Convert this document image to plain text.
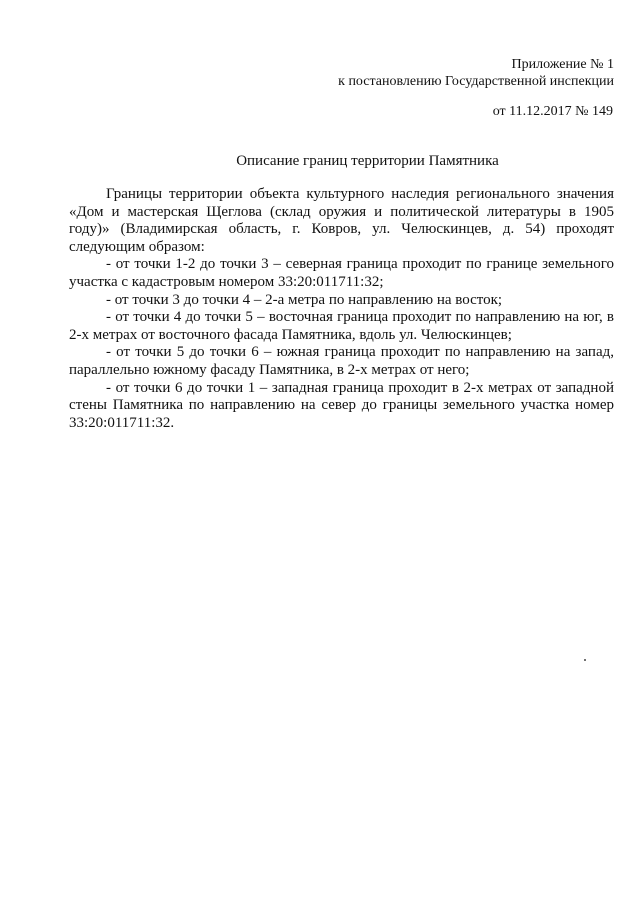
Приложение № 1
к постановлению Государственной инспекции
от 11.12.2017 № 149
Описание границ территории Памятника

Границы территории объекта культурного наследия регионального значения «Дом и мастерская Щеглова (склад оружия и политической литературы в 1905 году)» (Владимирская область, г. Ковров, ул. Челюскинцев, д. 54) проходят следующим образом:

- от точки 1-2 до точки 3 – северная граница проходит по границе земельного участка с кадастровым номером 33:20:011711:32;

- от точки 3 до точки 4 – 2-а метра по направлению на восток;

- от точки 4 до точки 5 – восточная граница проходит по направлению на юг, в 2-х метрах от восточного фасада Памятника, вдоль ул. Челюскинцев;

- от точки 5 до точки 6 – южная граница проходит по направлению на запад, параллельно южному фасаду Памятника, в 2-х метрах от него;

- от точки 6 до точки 1 – западная граница проходит в 2-х метрах от западной стены Памятника по направлению на север до границы земельного участка номер 33:20:011711:32.
